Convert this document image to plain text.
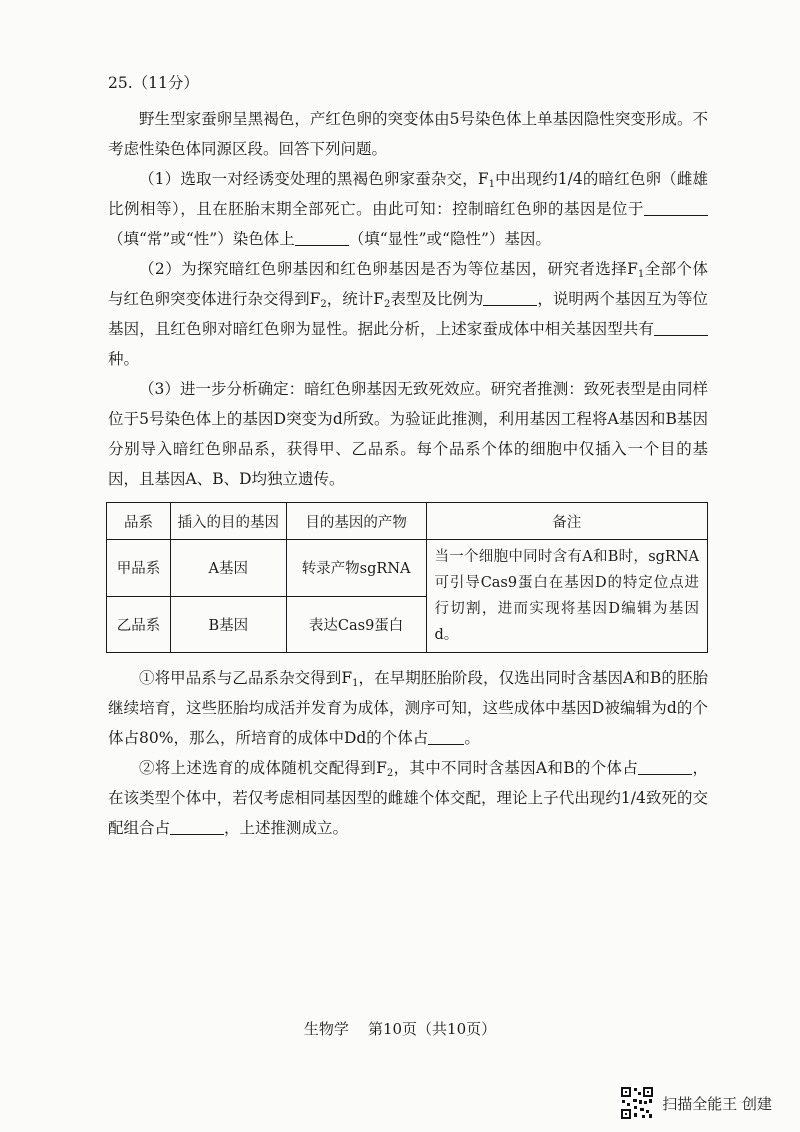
25.（11分）

野生型家蚕卵呈黑褐色，产红色卵的突变体由5号染色体上单基因隐性突变形成。不考虑性染色体同源区段。回答下列问题。

（1）选取一对经诱变处理的黑褐色卵家蚕杂交，$F_1$中出现约1/4的暗红色卵（雌雄比例相等），且在胚胎末期全部死亡。由此可知：控制暗红色卵的基因是位于（填“常”或“性”）染色体上	（填“显性”或“隐性”）基因。

（2）为探究暗红色卵基因和红色卵基因是否为等位基因，研究者选择$F_1$全部个体与红色卵突变体进行杂交得到$F_2$，统计$F_2$表型及比例为	，说明两个基因互为等位基因，且红色卵对暗红色卵为显性。据此分析，上述家蚕成体中相关基因型共有种。

（3）进一步分析确定：暗红色卵基因无致死效应。研究者推测：致死表型是由同样位于5号染色体上的基因D突变为d所致。为验证此推测，利用基因工程将A基因和B基因分别导入暗红色卵品系，获得甲、乙品系。每个品系个体的细胞中仅插入一个目的基因，且基因A、B、D均独立遗传。

品系	插入的目的基因	目的基因的产物	备注
甲品系	A基因	转录产物sgRNA	当一个细胞中同时含有A和B时，sgRNA可引导Cas9蛋白在基因D的特定位点进行切割，进而实现将基因D编辑为基因d。
乙品系	B基因	表达Cas9蛋白	

①将甲品系与乙品系杂交得到$F_1$，在早期胚胎阶段，仅选出同时含基因A和B的胚胎继续培育，这些胚胎均成活并发育为成体，测序可知，这些成体中基因D被编辑为d的个体占80%，那么，所培育的成体中Dd的个体占 。

②将上述选育的成体随机交配得到$F_2$，其中不同时含基因A和B的个体占	，在该类型个体中，若仅考虑相同基因型的雌雄个体交配，理论上子代出现约1/4致死的交配组合占	，上述推测成立。

生物学 第10页（共10页）
扫描全能王 创建
